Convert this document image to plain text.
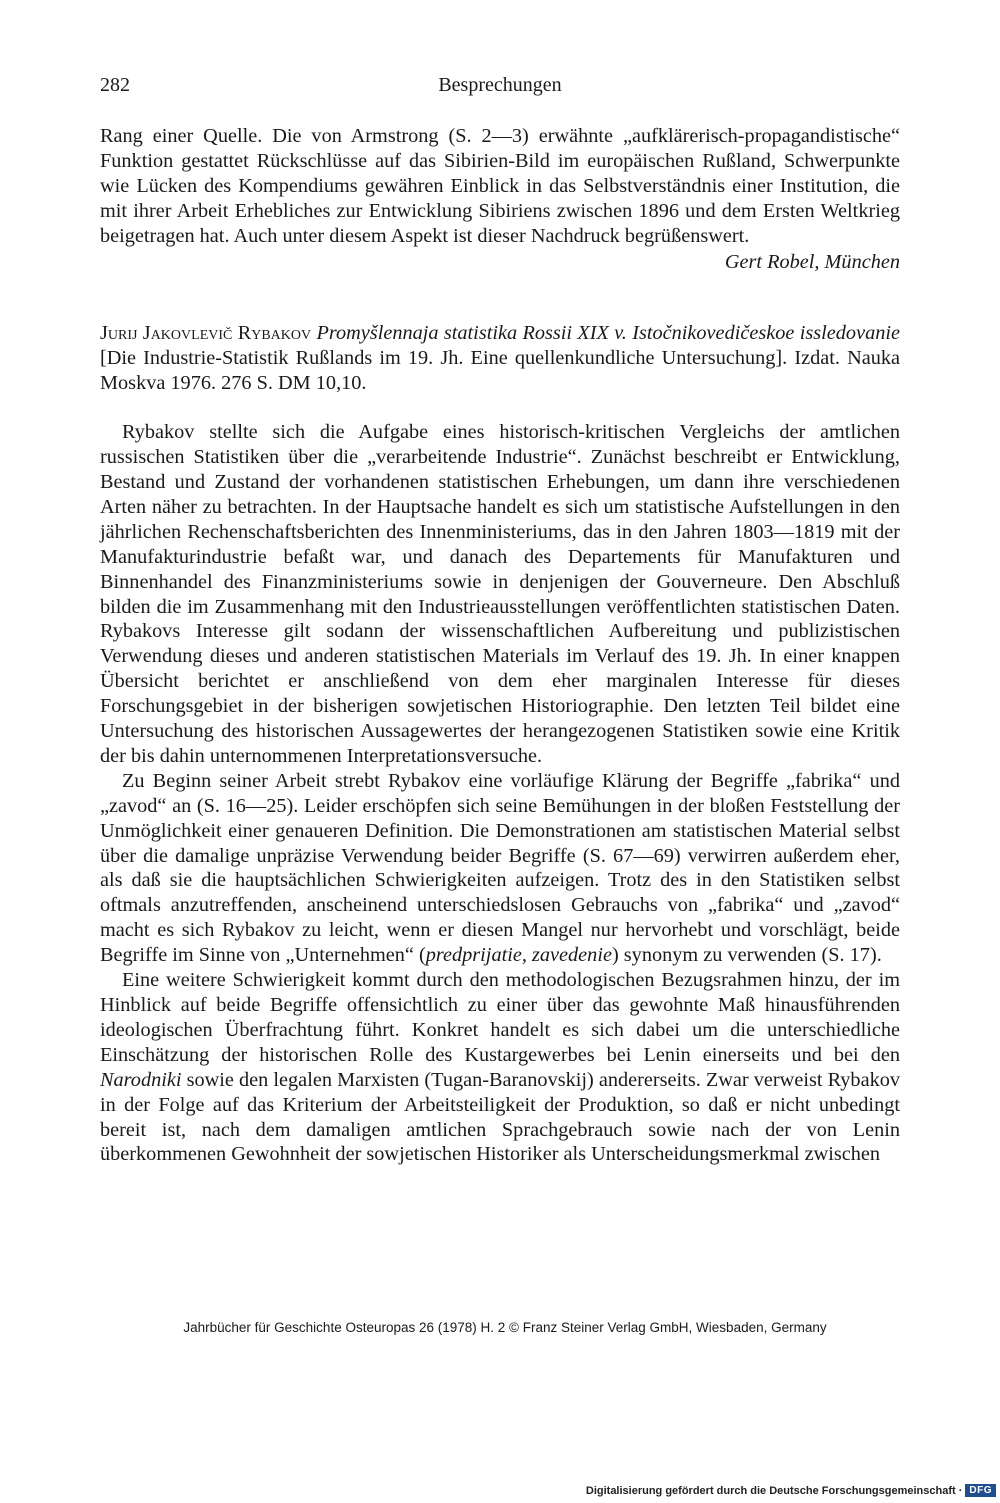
282	Besprechungen

Rang einer Quelle. Die von Armstrong (S. 2—3) erwähnte „aufklärerisch-propagandistische“ Funktion gestattet Rückschlüsse auf das Sibirien-Bild im europäischen Rußland, Schwerpunkte wie Lücken des Kompendiums gewähren Einblick in das Selbstverständnis einer Institution, die mit ihrer Arbeit Erhebliches zur Entwicklung Sibiriens zwischen 1896 und dem Ersten Weltkrieg beigetragen hat. Auch unter diesem Aspekt ist dieser Nachdruck begrüßenswert.

Gert Robel, München

Jurij Jakovlevič Rybakov Promyšlennaja statistika Rossii XIX v. Istočnikovedičeskoe issledovanie [Die Industrie-Statistik Rußlands im 19. Jh. Eine quellenkundliche Untersuchung]. Izdat. Nauka Moskva 1976. 276 S. DM 10,10.

Rybakov stellte sich die Aufgabe eines historisch-kritischen Vergleichs der amtlichen russischen Statistiken über die „verarbeitende Industrie“. Zunächst beschreibt er Entwicklung, Bestand und Zustand der vorhandenen statistischen Erhebungen, um dann ihre verschiedenen Arten näher zu betrachten. In der Hauptsache handelt es sich um statistische Aufstellungen in den jährlichen Rechenschaftsberichten des Innenministeriums, das in den Jahren 1803—1819 mit der Manufakturindustrie befaßt war, und danach des Departements für Manufakturen und Binnenhandel des Finanzministeriums sowie in denjenigen der Gouverneure. Den Abschluß bilden die im Zusammenhang mit den Industrieausstellungen veröffentlichten statistischen Daten. Rybakovs Interesse gilt sodann der wissenschaftlichen Aufbereitung und publizistischen Verwendung dieses und anderen statistischen Materials im Verlauf des 19. Jh. In einer knappen Übersicht berichtet er anschließend von dem eher marginalen Interesse für dieses Forschungsgebiet in der bisherigen sowjetischen Historiographie. Den letzten Teil bildet eine Untersuchung des historischen Aussagewertes der herangezogenen Statistiken sowie eine Kritik der bis dahin unternommenen Interpretationsversuche.

Zu Beginn seiner Arbeit strebt Rybakov eine vorläufige Klärung der Begriffe „fabrika“ und „zavod“ an (S. 16—25). Leider erschöpfen sich seine Bemühungen in der bloßen Feststellung der Unmöglichkeit einer genaueren Definition. Die Demonstrationen am statistischen Material selbst über die damalige unpräzise Verwendung beider Begriffe (S. 67—69) verwirren außerdem eher, als daß sie die hauptsächlichen Schwierigkeiten aufzeigen. Trotz des in den Statistiken selbst oftmals anzutreffenden, anscheinend unterschiedslosen Gebrauchs von „fabrika“ und „zavod“ macht es sich Rybakov zu leicht, wenn er diesen Mangel nur hervorhebt und vorschlägt, beide Begriffe im Sinne von „Unternehmen“ (predprijatie, zavedenie) synonym zu verwenden (S. 17).

Eine weitere Schwierigkeit kommt durch den methodologischen Bezugsrahmen hinzu, der im Hinblick auf beide Begriffe offensichtlich zu einer über das gewohnte Maß hinausführenden ideologischen Überfrachtung führt. Konkret handelt es sich dabei um die unterschiedliche Einschätzung der historischen Rolle des Kustargewerbes bei Lenin einerseits und bei den Narodniki sowie den legalen Marxisten (Tugan-Baranovskij) andererseits. Zwar verweist Rybakov in der Folge auf das Kriterium der Arbeitsteiligkeit der Produktion, so daß er nicht unbedingt bereit ist, nach dem damaligen amtlichen Sprachgebrauch sowie nach der von Lenin überkommenen Gewohnheit der sowjetischen Historiker als Unterscheidungsmerkmal zwischen

Jahrbücher für Geschichte Osteuropas 26 (1978) H. 2 © Franz Steiner Verlag GmbH, Wiesbaden, Germany
Digitalisierung gefördert durch die Deutsche Forschungsgemeinschaft · DFG
